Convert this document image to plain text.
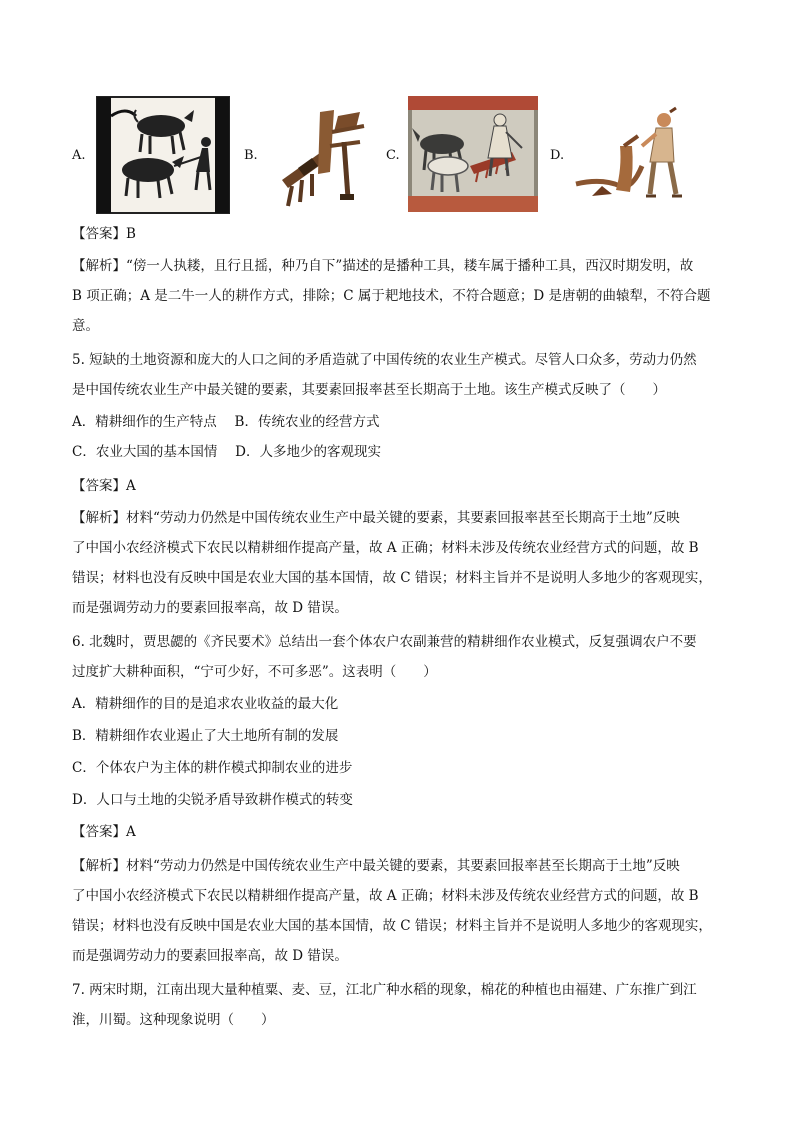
A.	B.	C.	D.
【答案】B
【解析】“傍一人执耧，且行且摇，种乃自下”描述的是播种工具，耧车属于播种工具，西汉时期发明，故
B 项正确；A 是二牛一人的耕作方式，排除；C 属于耙地技术，不符合题意；D 是唐朝的曲辕犁，不符合题
意。
5. 短缺的土地资源和庞大的人口之间的矛盾造就了中国传统的农业生产模式。尽管人口众多，劳动力仍然
是中国传统农业生产中最关键的要素，其要素回报率甚至长期高于土地。该生产模式反映了（　　）
A．精耕细作的生产特点　 B．传统农业的经营方式
C．农业大国的基本国情　 D．人多地少的客观现实
【答案】A
【解析】材料“劳动力仍然是中国传统农业生产中最关键的要素，其要素回报率甚至长期高于土地”反映
了中国小农经济模式下农民以精耕细作提高产量，故 A 正确；材料未涉及传统农业经营方式的问题，故 B
错误；材料也没有反映中国是农业大国的基本国情，故 C 错误；材料主旨并不是说明人多地少的客观现实，
而是强调劳动力的要素回报率高，故 D 错误。
6. 北魏时，贾思勰的《齐民要术》总结出一套个体农户农副兼营的精耕细作农业模式，反复强调农户不要
过度扩大耕种面积，“宁可少好，不可多恶”。这表明（　　）
A．精耕细作的目的是追求农业收益的最大化
B．精耕细作农业遏止了大土地所有制的发展
C．个体农户为主体的耕作模式抑制农业的进步
D．人口与土地的尖锐矛盾导致耕作模式的转变
【答案】A
【解析】材料“劳动力仍然是中国传统农业生产中最关键的要素，其要素回报率甚至长期高于土地”反映
了中国小农经济模式下农民以精耕细作提高产量，故 A 正确；材料未涉及传统农业经营方式的问题，故 B
错误；材料也没有反映中国是农业大国的基本国情，故 C 错误；材料主旨并不是说明人多地少的客观现实，
而是强调劳动力的要素回报率高，故 D 错误。
7. 两宋时期，江南出现大量种植粟、麦、豆，江北广种水稻的现象，棉花的种植也由福建、广东推广到江
淮，川蜀。这种现象说明（　　）
